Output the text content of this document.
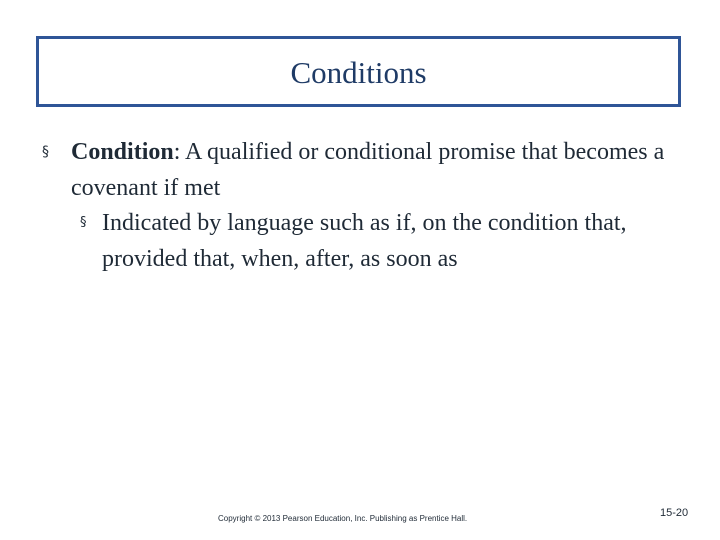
Conditions
§ Condition: A qualified or conditional promise that becomes a covenant if met
§ Indicated by language such as if, on the condition that, provided that, when, after, as soon as
Copyright © 2013 Pearson Education, Inc. Publishing as Prentice Hall.	15-20
